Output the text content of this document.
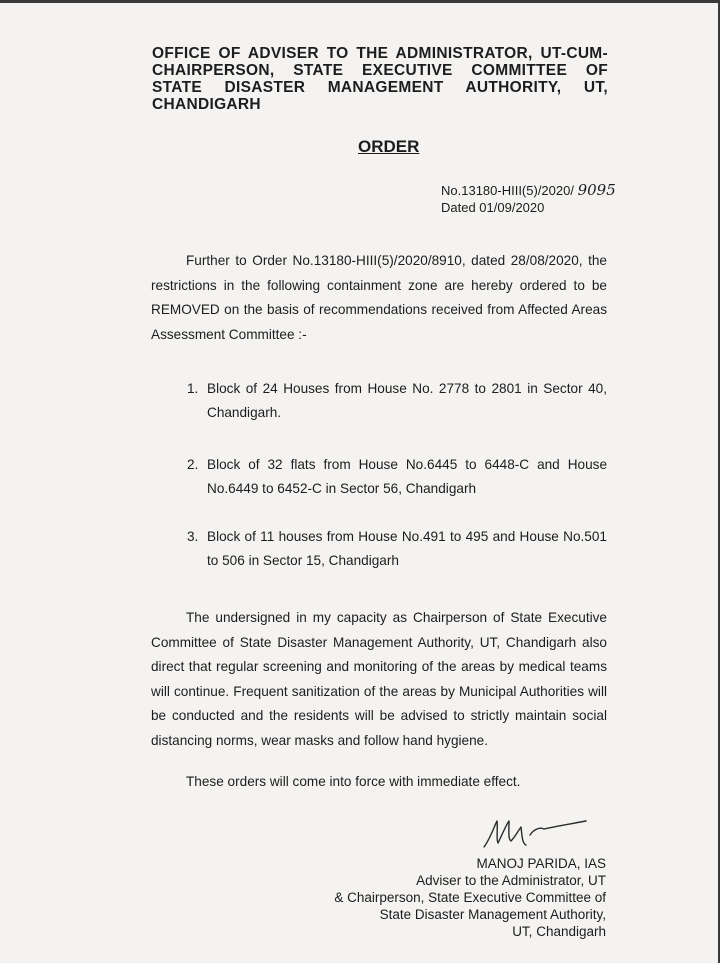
OFFICE OF ADVISER TO THE ADMINISTRATOR, UT-CUM-
CHAIRPERSON, STATE EXECUTIVE COMMITTEE OF
STATE DISASTER MANAGEMENT AUTHORITY, UT,
CHANDIGARH
ORDER
No.13180-HIII(5)/2020/ 9095
Dated 01/09/2020
Further to Order No.13180-HIII(5)/2020/8910, dated 28/08/2020, the restrictions in the following containment zone are hereby ordered to be REMOVED on the basis of recommendations received from Affected Areas Assessment Committee :-
1. Block of 24 Houses from House No. 2778 to 2801 in Sector 40, Chandigarh.
2. Block of 32 flats from House No.6445 to 6448-C and House No.6449 to 6452-C in Sector 56, Chandigarh
3. Block of 11 houses from House No.491 to 495 and House No.501 to 506 in Sector 15, Chandigarh
The undersigned in my capacity as Chairperson of State Executive Committee of State Disaster Management Authority, UT, Chandigarh also direct that regular screening and monitoring of the areas by medical teams will continue. Frequent sanitization of the areas by Municipal Authorities will be conducted and the residents will be advised to strictly maintain social distancing norms, wear masks and follow hand hygiene.
These orders will come into force with immediate effect.
MANOJ PARIDA, IAS
Adviser to the Administrator, UT
& Chairperson, State Executive Committee of
State Disaster Management Authority,
UT, Chandigarh
